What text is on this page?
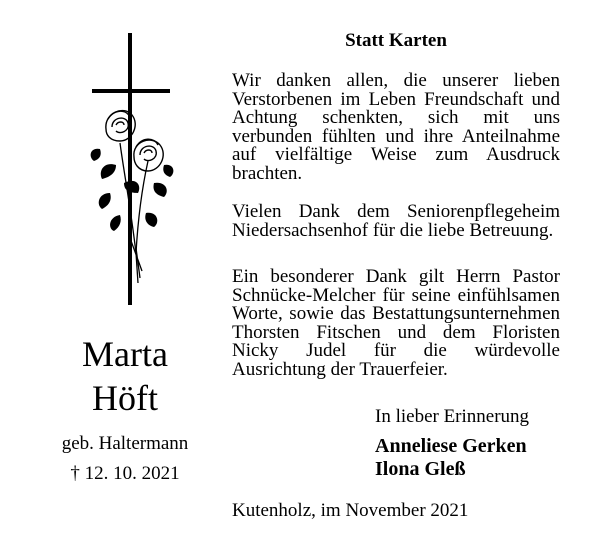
Marta
Höft
geb. Haltermann
† 12. 10. 2021
Statt Karten

Wir danken allen, die unserer lieben Verstorbenen im Leben Freundschaft und Achtung schenkten, sich mit uns verbunden fühlten und ihre Anteilnahme auf vielfältige Weise zum Ausdruck brachten.

Vielen Dank dem Seniorenpflegeheim Niedersachsenhof für die liebe Betreuung.

Ein besonderer Dank gilt Herrn Pastor Schnücke-Melcher für seine einfühlsamen Worte, sowie das Bestattungsunternehmen Thorsten Fitschen und dem Floristen Nicky Judel für die würdevolle Ausrichtung der Trauerfeier.

In lieber Erinnerung
Anneliese Gerken
Ilona Gleß
Kutenholz, im November 2021
